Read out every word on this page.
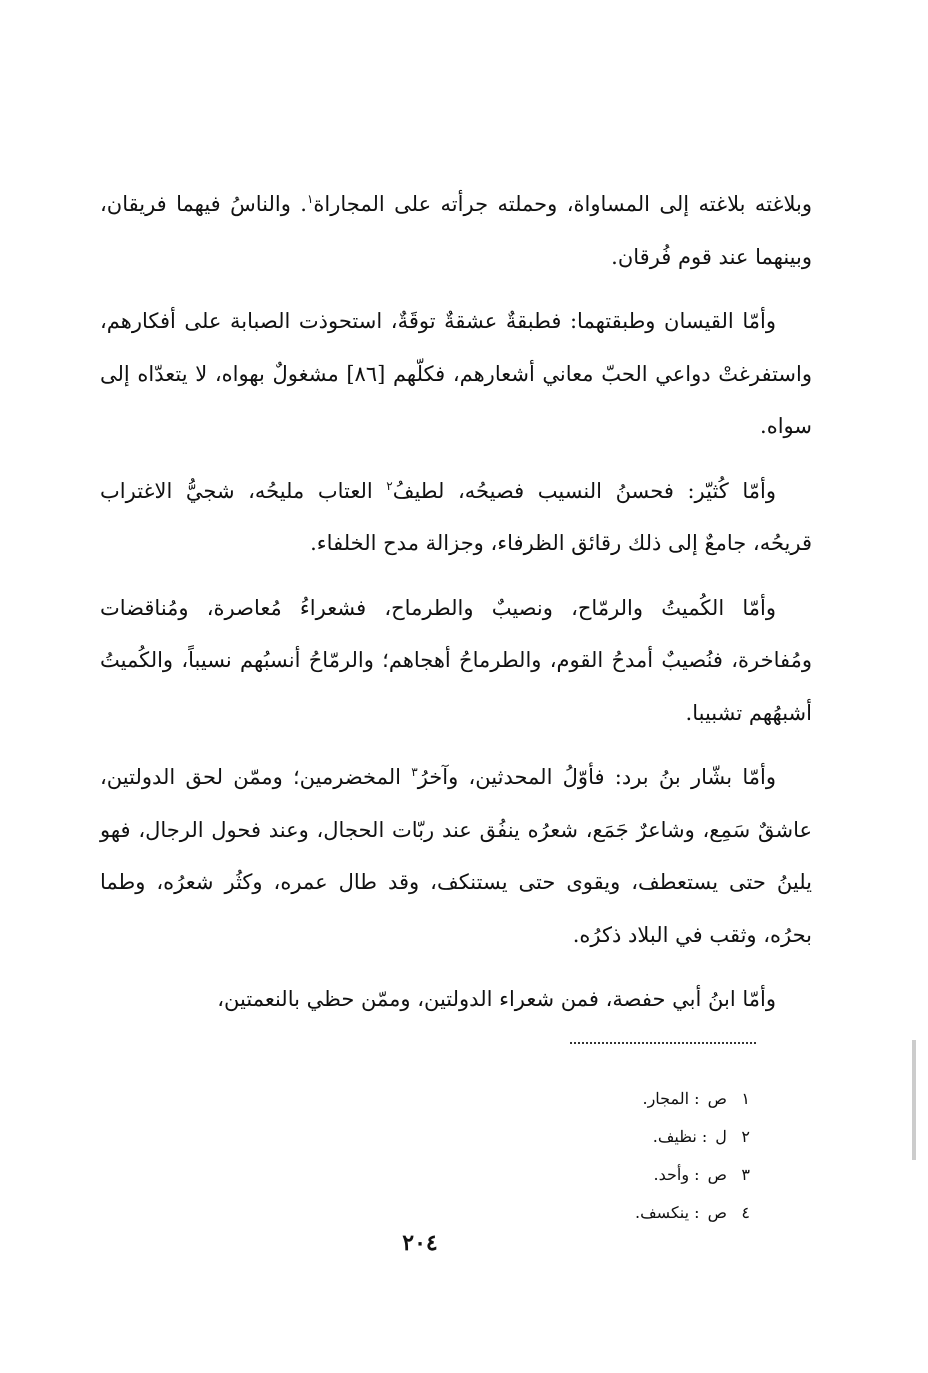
وبلاغته بلاغته إلى المساواة، وحملته جرأته على المجاراة$^١$. والناسُ فيهما فريقان، وبينهما عند قوم فُرقان.

وأمّا القيسان وطبقتهما: فطبقةٌ عشقةٌ توقَةٌ، استحوذت الصبابة على أفكارهم، واستفرغتْ دواعي الحبّ معاني أشعارهم، فكلّهم [٨٦] مشغولٌ بهواه، لا يتعدّاه إلى سواه.

وأمّا كُثيّر: فحسنُ النسيب فصيحُه، لطيفُ$^٢$ العتاب مليحُه، شجيُّ الاغتراب قريحُه، جامعٌ إلى ذلك رقائق الظرفاء، وجزالة مدح الخلفاء.

وأمّا الكُميتُ والرمّاح، ونصيبٌ والطرماح، فشعراءُ مُعاصرة، ومُناقضات ومُفاخرة، فنُصيبٌ أمدحُ القوم، والطرماحُ أهجاهم؛ والرمّاحُ أنسبُهم نسيباً، والكُميتُ أشبهُهم تشبيبا.

وأمّا بشّار بنُ برد: فأوّلُ المحدثين، وآخرُ$^٣$ المخضرمين؛ وممّن لحق الدولتين، عاشقٌ سَمِع، وشاعرٌ جَمَع، شعرُه ينفُق عند ربّات الحجال، وعند فحول الرجال، فهو يلينُ حتى يستعطف، ويقوى حتى يستنكف، وقد طال عمره، وكثُر شعرُه، وطما بحرُه، وثقب في البلاد ذكرُه.

وأمّا ابنُ أبي حفصة، فمن شعراء الدولتين، وممّن حظي بالنعمتين،

١ ص: المجار.
٢ ل: نظيف.
٣ ص: وأحد.
٤ ص: ينكسف.
٢٠٤
